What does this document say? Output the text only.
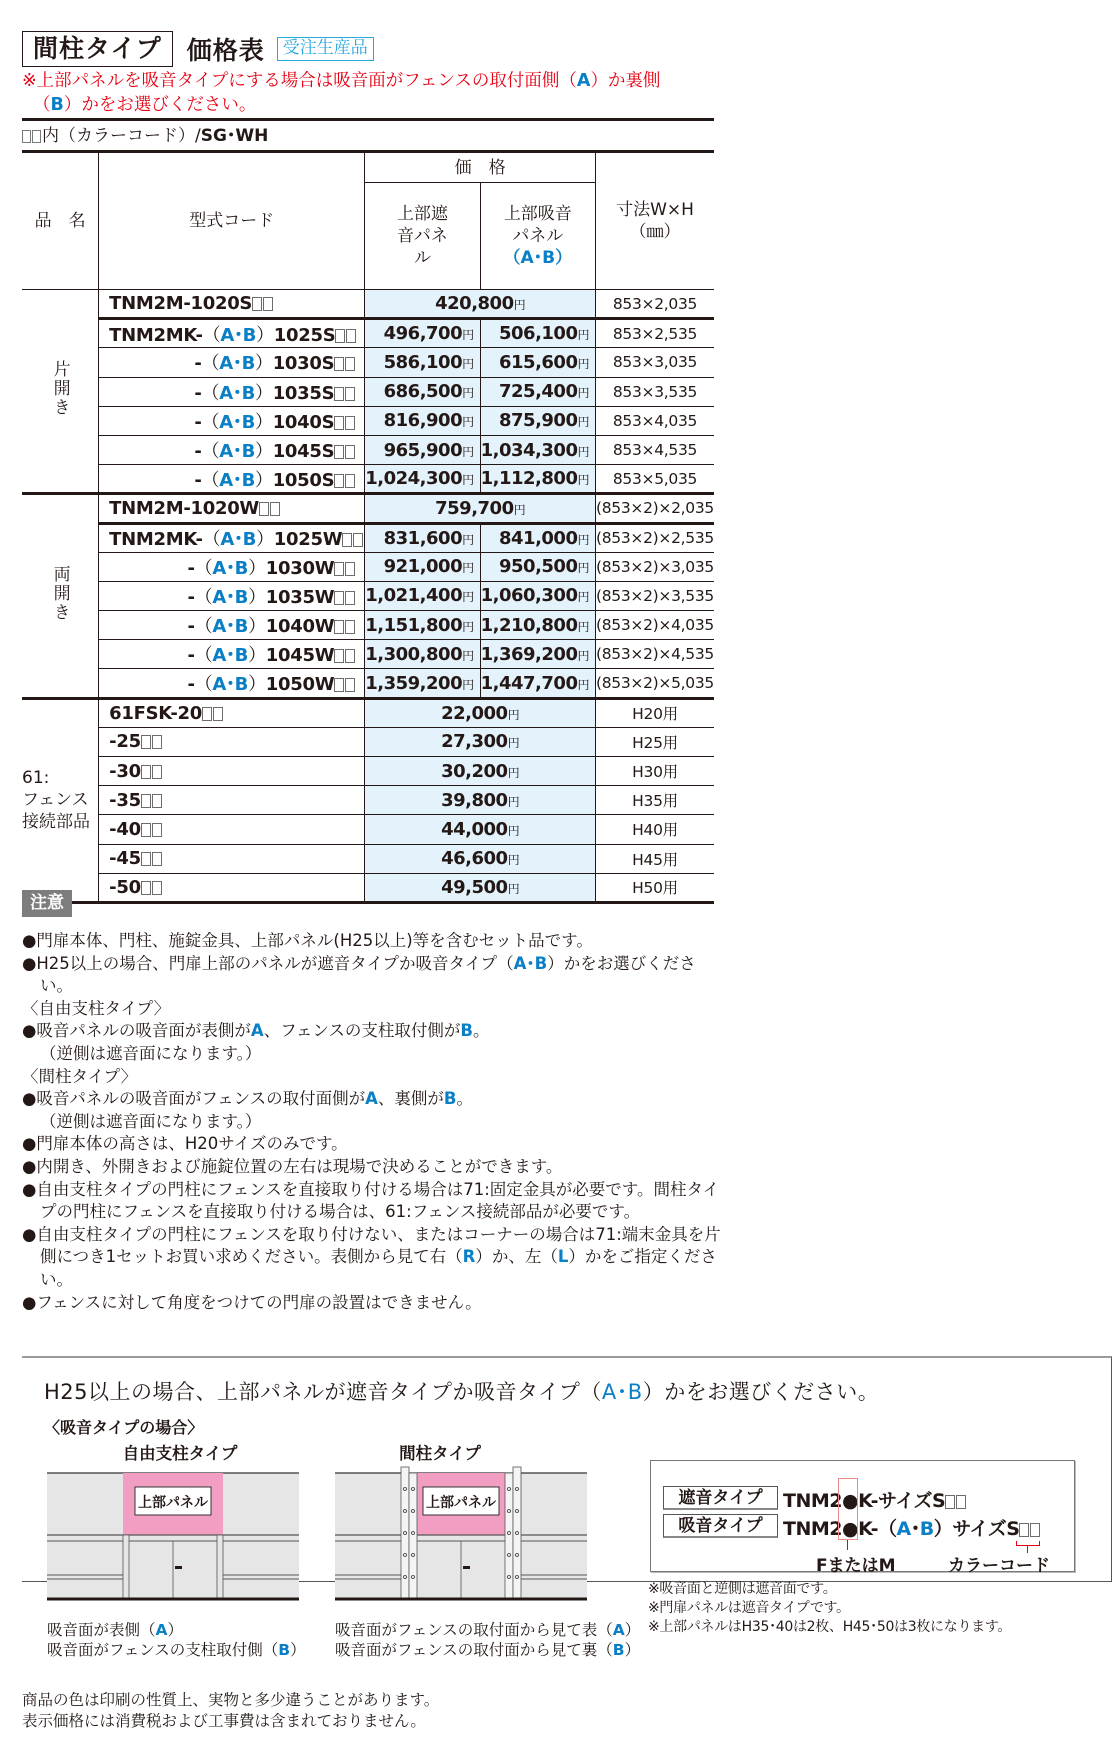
間柱タイプ	価格表	受注生産品
※上部パネルを吸音タイプにする場合は吸音面がフェンスの取付面側（A）か裏側
（B）かをお選びください。
内（カラーコード）/SG･WH
品　名	型式コード	価　格		寸法W×H
（㎜）

		上部遮音パネル	上部吸音
パネル
（A･B）	

片開き	TNM2M-1020S	420,800円		853×2,035
	TNM2MK-（A･B）1025S	496,700円	506,100円	853×2,535
	-（A･B）1030S	586,100円	615,600円	853×3,035
	-（A･B）1035S	686,500円	725,400円	853×3,535
	-（A･B）1040S	816,900円	875,900円	853×4,035
	-（A･B）1045S	965,900円	1,034,300円	853×4,535
	-（A･B）1050S	1,024,300円	1,112,800円	853×5,035
両開き	TNM2M-1020W	759,700円		(853×2)×2,035
	TNM2MK-（A･B）1025W	831,600円	841,000円	(853×2)×2,535
	-（A･B）1030W	921,000円	950,500円	(853×2)×3,035
	-（A･B）1035W	1,021,400円	1,060,300円	(853×2)×3,535
	-（A･B）1040W	1,151,800円	1,210,800円	(853×2)×4,035
	-（A･B）1045W	1,300,800円	1,369,200円	(853×2)×4,535
	-（A･B）1050W	1,359,200円	1,447,700円	(853×2)×5,035

61:
フェンス
接続部品	61FSK-20	22,000円		H20用
	-25	27,300円		H25用
	-30	30,200円		H30用
	-35	39,800円		H35用
	-40	44,000円		H40用
	-45	46,600円		H45用
	-50	49,500円		H50用
注意
●門扉本体、門柱、施錠金具、上部パネル(H25以上)等を含むセット品です。
●H25以上の場合、門扉上部のパネルが遮音タイプか吸音タイプ（A･B）かをお選びください。
〈自由支柱タイプ〉
●吸音パネルの吸音面が表側がA、フェンスの支柱取付側がB。
（逆側は遮音面になります。）
〈間柱タイプ〉
●吸音パネルの吸音面がフェンスの取付面側がA、裏側がB。
（逆側は遮音面になります。）
●門扉本体の高さは、H20サイズのみです。
●内開き、外開きおよび施錠位置の左右は現場で決めることができます。
●自由支柱タイプの門柱にフェンスを直接取り付ける場合は71:固定金具が必要です。間柱タイプの門柱にフェンスを直接取り付ける場合は、61:フェンス接続部品が必要です。
●自由支柱タイプの門柱にフェンスを取り付けない、またはコーナーの場合は71:端末金具を片側につき1セットお買い求めください。表側から見て右（R）か、左（L）かをご指定ください。
●フェンスに対して角度をつけての門扉の設置はできません。
H25以上の場合、上部パネルが遮音タイプか吸音タイプ（A･B）かをお選びください。
〈吸音タイプの場合〉
自由支柱タイプ
上部パネル
吸音面が表側（A）
吸音面がフェンスの支柱取付側（B）
間柱タイプ
上部パネル
吸音面がフェンスの取付面から見て表（A）
吸音面がフェンスの取付面から見て裏（B）
遮音タイプ	TNM2●K-サイズS
吸音タイプ	TNM2●K-（A･B）サイズS
FまたはM	カラーコード
※吸音面と逆側は遮音面です。
※門扉パネルは遮音タイプです。
※上部パネルはH35･40は2枚、H45･50は3枚になります。
商品の色は印刷の性質上、実物と多少違うことがあります。
表示価格には消費税および工事費は含まれておりません。
